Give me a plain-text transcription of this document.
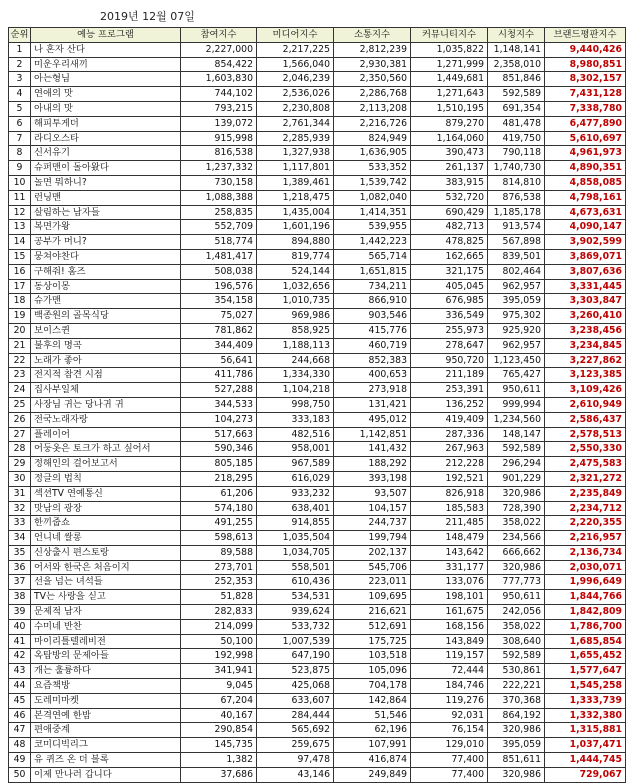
2019년 12월 07일
순위	예능 프로그램	참여지수	미디어지수	소통지수	커뮤니티지수	시청지수	브랜드평판지수
1	나 혼자 산다	2,227,000	2,217,225	2,812,239	1,035,822	1,148,141	9,440,426
2	미운우리새끼	854,422	1,566,040	2,930,381	1,271,999	2,358,010	8,980,851
3	아는형님	1,603,830	2,046,239	2,350,560	1,449,681	851,846	8,302,157
4	연애의 맛	744,102	2,536,026	2,286,768	1,271,643	592,589	7,431,128
5	아내의 맛	793,215	2,230,808	2,113,208	1,510,195	691,354	7,338,780
6	해피투게더	139,072	2,761,344	2,216,726	879,270	481,478	6,477,890
7	라디오스타	915,998	2,285,939	824,949	1,164,060	419,750	5,610,697
8	신서유기	816,538	1,327,938	1,636,905	390,473	790,118	4,961,973
9	슈퍼맨이 돌아왔다	1,237,332	1,117,801	533,352	261,137	1,740,730	4,890,351
10	놀면 뭐하니?	730,158	1,389,461	1,539,742	383,915	814,810	4,858,085
11	런닝맨	1,088,388	1,218,475	1,082,040	532,720	876,538	4,798,161
12	살림하는 남자들	258,835	1,435,004	1,414,351	690,429	1,185,178	4,673,631
13	복면가왕	552,709	1,601,196	539,955	482,713	913,574	4,090,147
14	공부가 머니?	518,774	894,880	1,442,223	478,825	567,898	3,902,599
15	뭉쳐야찬다	1,481,417	819,774	565,714	162,665	839,501	3,869,071
16	구해줘! 홈즈	508,038	524,144	1,651,815	321,175	802,464	3,807,636
17	동상이몽	196,576	1,032,656	734,211	405,045	962,957	3,331,445
18	슈가맨	354,158	1,010,735	866,910	676,985	395,059	3,303,847
19	백종원의 골목식당	75,027	969,986	903,546	336,549	975,302	3,260,410
20	보이스퀸	781,862	858,925	415,776	255,973	925,920	3,238,456
21	불후의 명곡	344,409	1,188,113	460,719	278,647	962,957	3,234,845
22	노래가 좋아	56,641	244,668	852,383	950,720	1,123,450	3,227,862
23	전지적 참견 시점	411,786	1,334,330	400,653	211,189	765,427	3,123,385
24	집사부일체	527,288	1,104,218	273,918	253,391	950,611	3,109,426
25	사장님 귀는 당나귀 귀	344,533	998,750	131,421	136,252	999,994	2,610,949
26	전국노래자랑	104,273	333,183	495,012	419,409	1,234,560	2,586,437
27	플레이어	517,663	482,516	1,142,851	287,336	148,147	2,578,513
28	어둥옷은 토크가 하고 싶어서	590,346	958,001	141,432	267,963	592,589	2,550,330
29	정해인의 걸어보고서	805,185	967,589	188,292	212,228	296,294	2,475,583
30	정글의 법칙	218,295	616,029	393,198	192,521	901,229	2,321,272
31	섹션TV 연예통신	61,206	933,232	93,507	826,918	320,986	2,235,849
32	맛남의 광장	574,180	638,401	104,157	185,583	728,390	2,234,712
33	한끼줍쇼	491,255	914,855	244,737	211,485	358,022	2,220,355
34	언니네 쌀롱	598,613	1,035,504	199,794	148,479	234,566	2,216,957
35	신상출시 편스토랑	89,588	1,034,705	202,137	143,642	666,662	2,136,734
36	어서와 한국은 처음이지	273,701	558,501	545,706	331,177	320,986	2,030,071
37	선을 넘는 녀석들	252,353	610,436	223,011	133,076	777,773	1,996,649
38	TV는 사랑을 싣고	51,828	534,531	109,695	198,101	950,611	1,844,766
39	문제적 남자	282,833	939,624	216,621	161,675	242,056	1,842,809
40	수미네 반찬	214,099	533,732	512,691	168,156	358,022	1,786,700
41	마이리틀텔레비전	50,100	1,007,539	175,725	143,849	308,640	1,685,854
42	옥탑방의 문제아들	192,998	647,190	103,518	119,157	592,589	1,655,452
43	개는 훌륭하다	341,941	523,875	105,096	72,444	530,861	1,577,647
44	요즘책방	9,045	425,068	704,178	184,746	222,221	1,545,258
45	도레미마켓	67,204	633,607	142,864	119,276	370,368	1,333,739
46	본격연예 한밤	40,167	284,444	51,546	92,031	864,192	1,332,380
47	편애중계	290,854	565,692	62,196	76,154	320,986	1,315,881
48	코미디빅리그	145,735	259,675	107,991	129,010	395,059	1,037,471
49	유 퀴즈 온 더 블록	1,382	97,478	416,874	77,400	851,611	1,444,745
50	이제 만나러 갑니다	37,686	43,146	249,849	77,400	320,986	729,067
